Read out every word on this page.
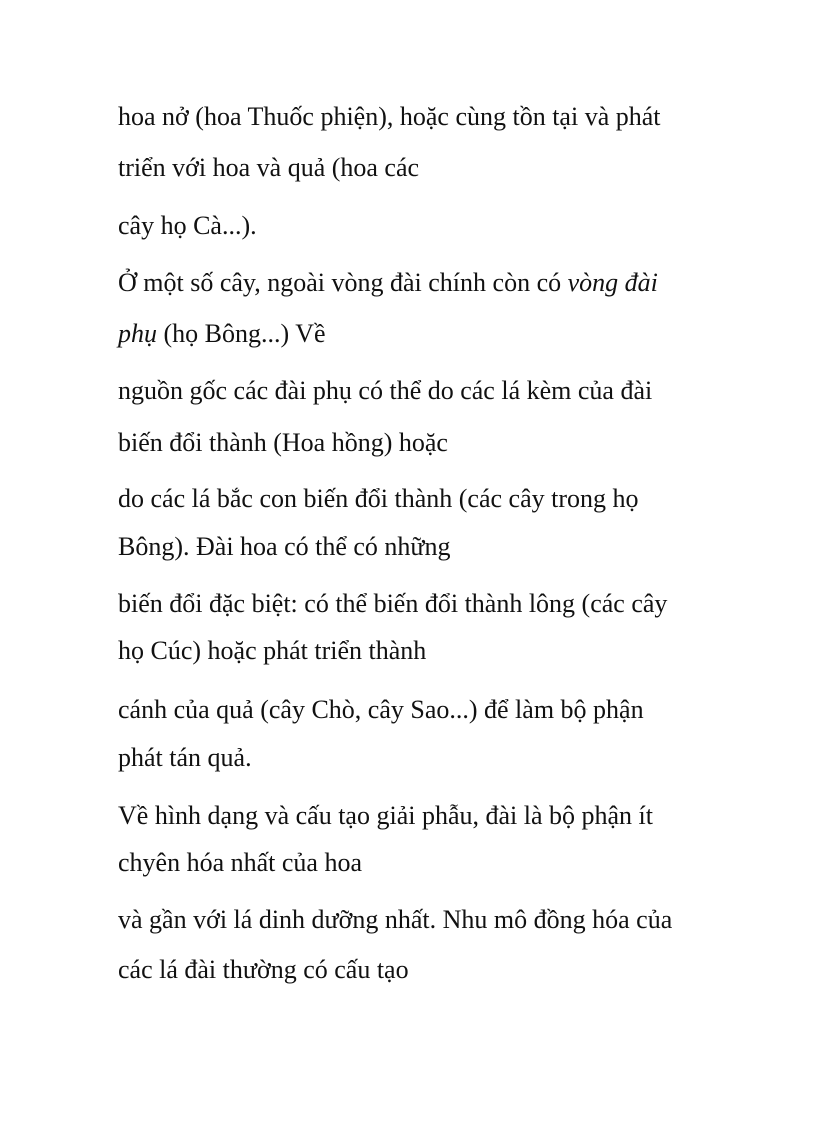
hoa nở (hoa Thuốc phiện), hoặc cùng tồn tại và phát

triển với hoa và quả (hoa các

cây họ Cà...).

Ở một số cây, ngoài vòng đài chính còn có vòng đài

phụ (họ Bông...) Về

nguồn gốc các đài phụ có thể do các lá kèm của đài

biến đổi thành (Hoa hồng) hoặc

do các lá bắc con biến đổi thành (các cây trong họ

Bông). Đài hoa có thể có những

biến đổi đặc biệt: có thể biến đổi thành lông (các cây

họ Cúc) hoặc phát triển thành

cánh của quả (cây Chò, cây Sao...) để làm bộ phận

phát tán quả.

Về hình dạng và cấu tạo giải phẫu, đài là bộ phận ít

chyên hóa nhất của hoa

và gần với lá dinh dưỡng nhất. Nhu mô đồng hóa của

các lá đài thường có cấu tạo
